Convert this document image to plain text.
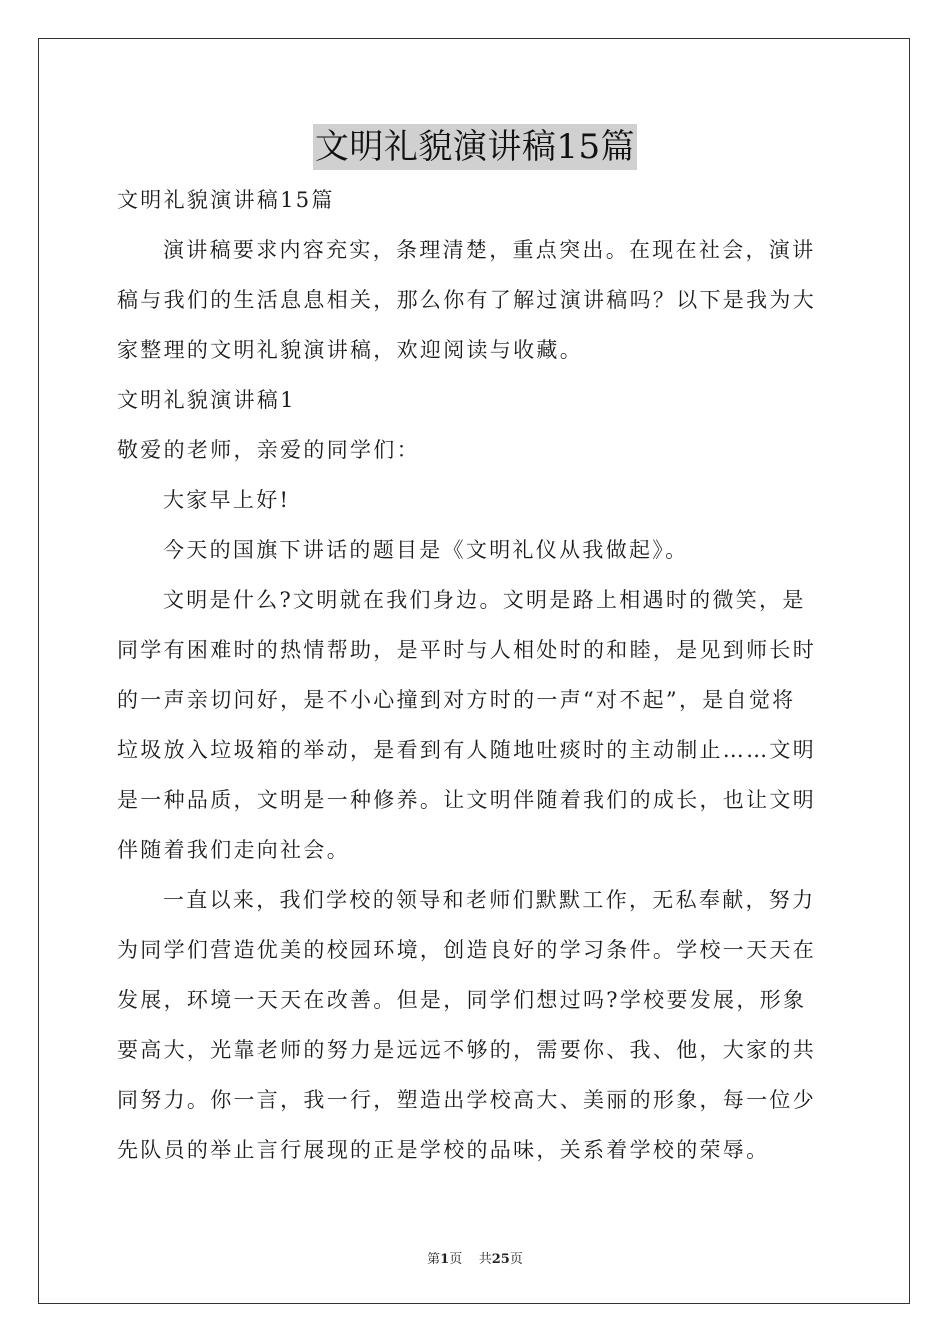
文明礼貌演讲稿15篇
文明礼貌演讲稿15篇
演讲稿要求内容充实，条理清楚，重点突出。在现在社会，演讲
稿与我们的生活息息相关，那么你有了解过演讲稿吗？以下是我为大
家整理的文明礼貌演讲稿，欢迎阅读与收藏。
文明礼貌演讲稿1
敬爱的老师，亲爱的同学们：
大家早上好!
今天的国旗下讲话的题目是《文明礼仪从我做起》。
文明是什么?文明就在我们身边。文明是路上相遇时的微笑，是
同学有困难时的热情帮助，是平时与人相处时的和睦，是见到师长时
的一声亲切问好，是不小心撞到对方时的一声“对不起”，是自觉将
垃圾放入垃圾箱的举动，是看到有人随地吐痰时的主动制止……文明
是一种品质，文明是一种修养。让文明伴随着我们的成长，也让文明
伴随着我们走向社会。
一直以来，我们学校的领导和老师们默默工作，无私奉献，努力
为同学们营造优美的校园环境，创造良好的学习条件。学校一天天在
发展，环境一天天在改善。但是，同学们想过吗?学校要发展，形象
要高大，光靠老师的努力是远远不够的，需要你、我、他，大家的共
同努力。你一言，我一行，塑造出学校高大、美丽的形象，每一位少
先队员的举止言行展现的正是学校的品味，关系着学校的荣辱。
第1页 共25页
